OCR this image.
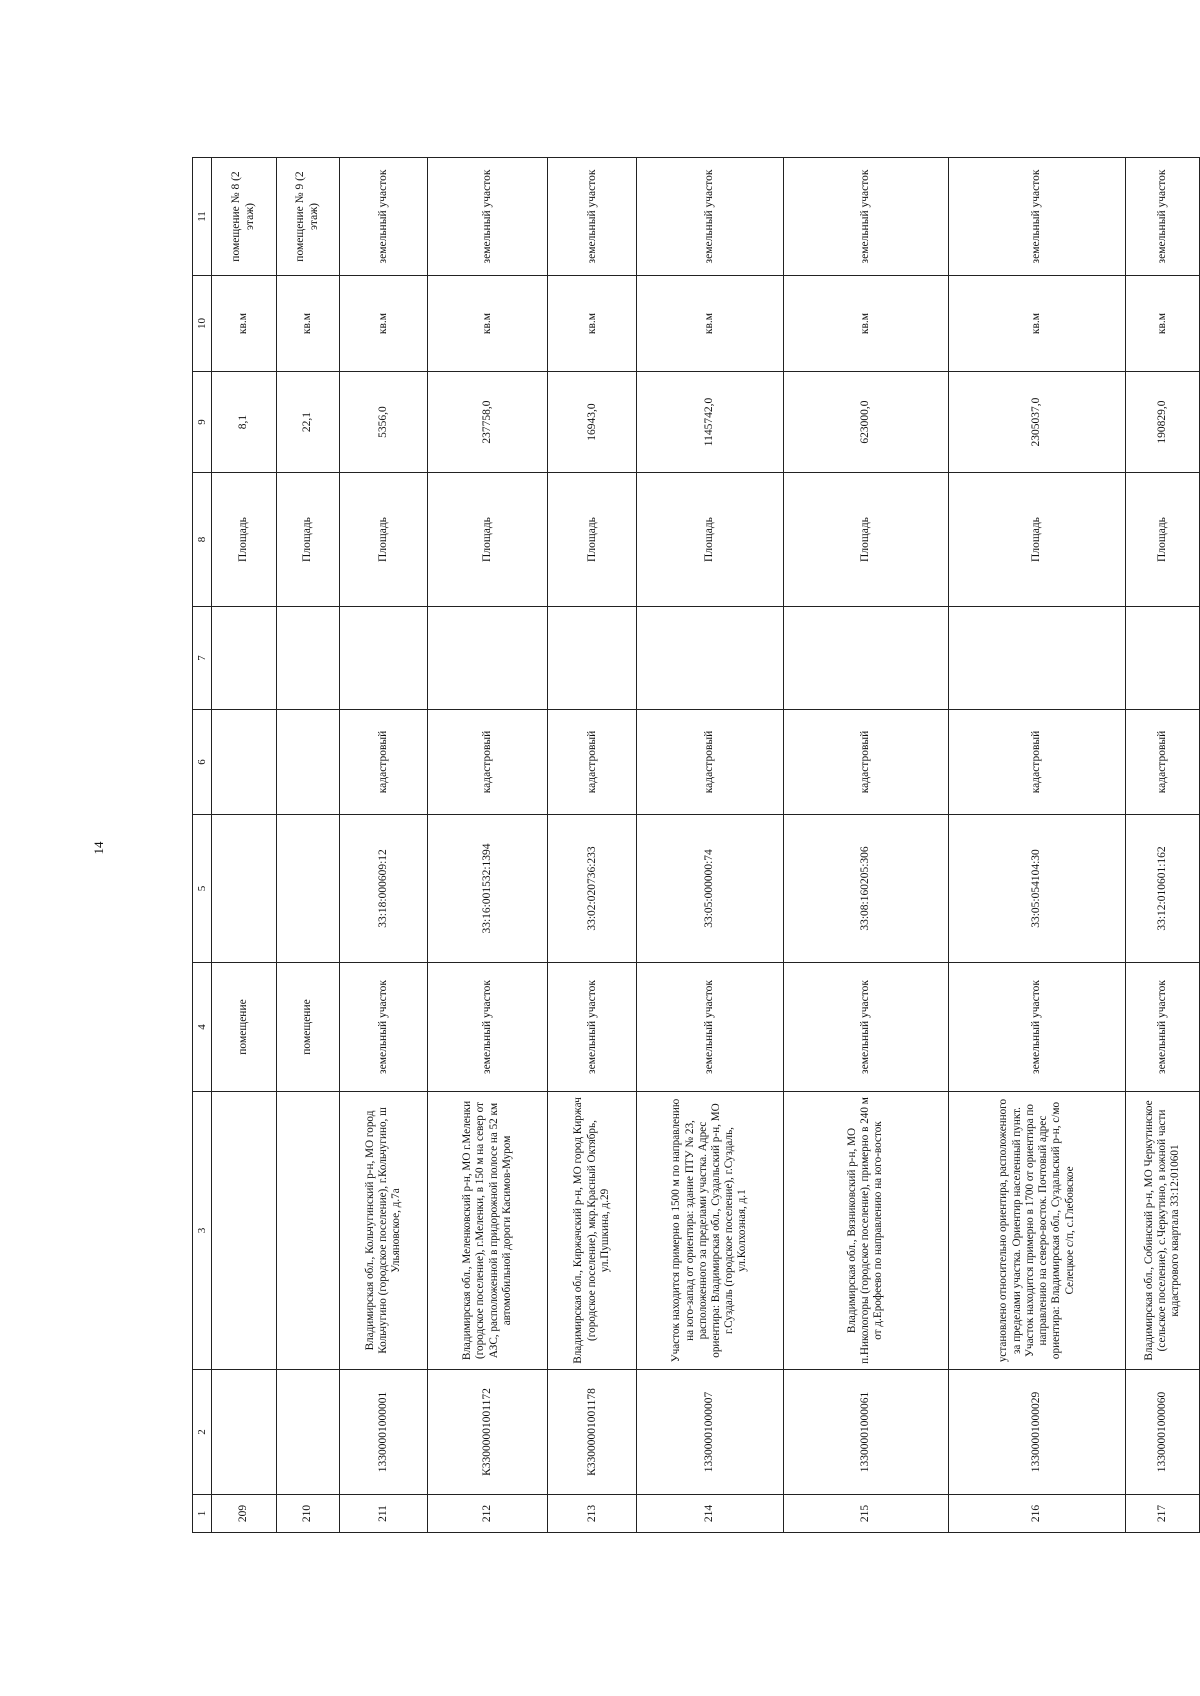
14
1	2	3	4	5	6	7	8	9	10	11
209			помещение				Площадь	8,1	кв.м	помещение № 8 (2 этаж)
210			помещение				Площадь	22,1	кв.м	помещение № 9 (2 этаж)
211	13300001000001	Владимирская обл., Кольчугинский р-н, МО город Кольчугино (городское поселение), г.Кольчугино, ш Ульяновское, д.7а	земельный участок	33:18:000609:12	кадастровый		Площадь	5356,0	кв.м	земельный участок
212	К33000001001172	Владимирская обл., Меленковский р-н, МО г.Меленки (городское поселение), г.Меленки, в 150 м на север от АЗС, расположенной в придорожной полосе на 52 км автомобильной дороги Касимов-Муром	земельный участок	33:16:001532:1394	кадастровый		Площадь	237758,0	кв.м	земельный участок
213	К33000001001178	Владимирская обл., Киржачский р-н, МО город Киржач (городское поселение), мкр.Красный Октябрь, ул.Пушкина, д.29	земельный участок	33:02:020736:233	кадастровый		Площадь	16943,0	кв.м	земельный участок
214	13300001000007	Участок находится примерно в 1500 м по направлению на юго-запад от ориентира: здание ПТУ № 23, расположенного за пределами участка. Адрес ориентира: Владимирская обл., Суздальский р-н, МО г.Суздаль (городское поселение), г.Суздаль, ул.Колхозная, д.1	земельный участок	33:05:000000:74	кадастровый		Площадь	1145742,0	кв.м	земельный участок
215	13300001000061	Владимирская обл., Вязниковский р-н, МО п.Никологоры (городское поселение), примерно в 240 м от д.Ерофеево по направлению на юго-восток	земельный участок	33:08:160205:306	кадастровый		Площадь	623000,0	кв.м	земельный участок
216	13300001000029	установлено относительно ориентира, расположенного за пределами участка. Ориентир населенный пункт. Участок находится примерно в 1700 от ориентира по направлению на северо-восток. Почтовый адрес ориентира: Владимирская обл., Суздальский р-н, с/мо Селецкое с/п, с.Глебовское	земельный участок	33:05:054104:30	кадастровый		Площадь	2305037,0	кв.м	земельный участок
217	13300001000060	Владимирская обл., Собинский р-н, МО Черкутинское (сельское поселение), с.Черкутино, в южной части кадастрового квартала 33:12:010601	земельный участок	33:12:010601:162	кадастровый		Площадь	190829,0	кв.м	земельный участок
